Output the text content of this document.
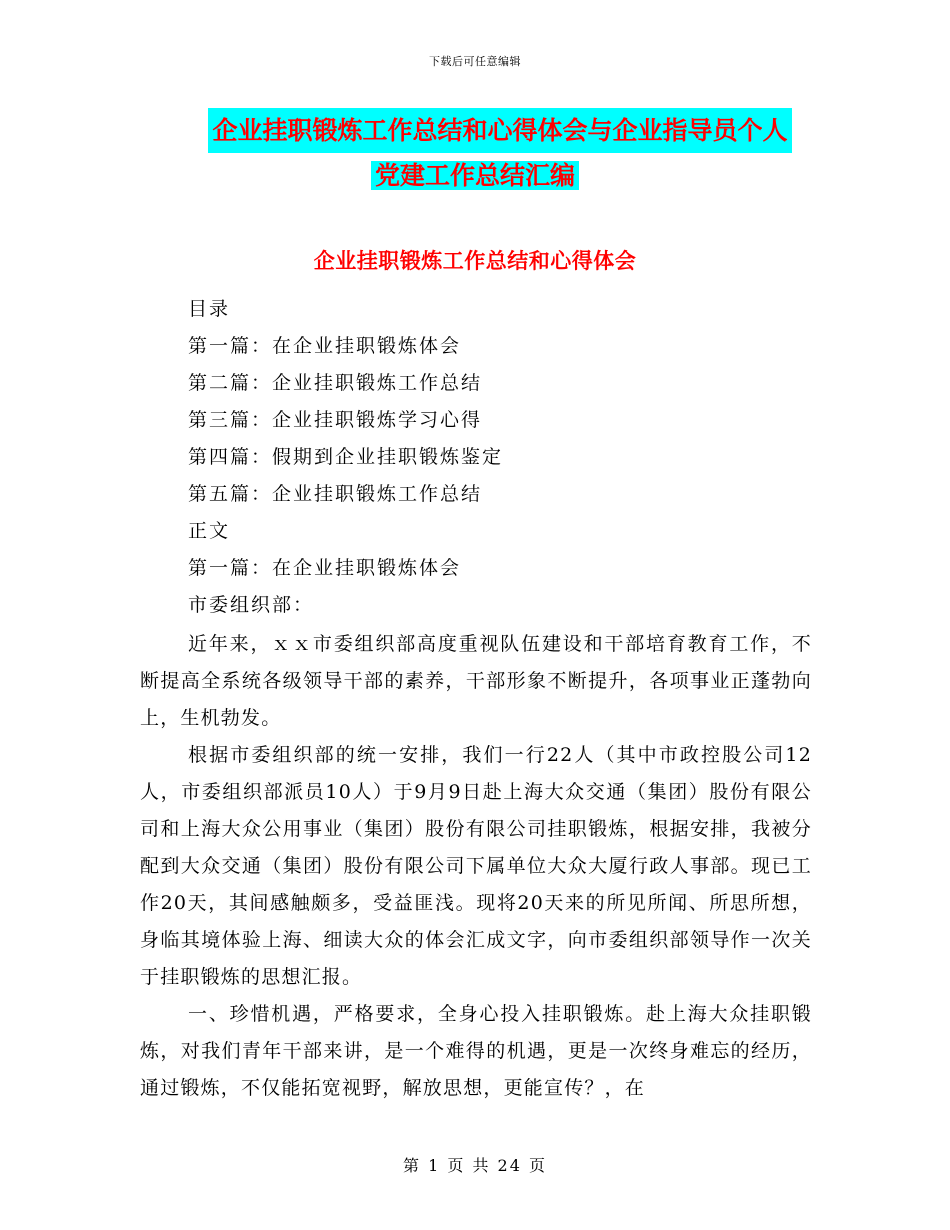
下载后可任意编辑
企业挂职锻炼工作总结和心得体会与企业指导员个人
党建工作总结汇编
企业挂职锻炼工作总结和心得体会
目录
第一篇：在企业挂职锻炼体会
第二篇：企业挂职锻炼工作总结
第三篇：企业挂职锻炼学习心得
第四篇：假期到企业挂职锻炼鉴定
第五篇：企业挂职锻炼工作总结
正文
第一篇：在企业挂职锻炼体会
市委组织部：

近年来，ｘｘ市委组织部高度重视队伍建设和干部培育教育工作，不断提高全系统各级领导干部的素养，干部形象不断提升，各项事业正蓬勃向上，生机勃发。

根据市委组织部的统一安排，我们一行22人（其中市政控股公司12人，市委组织部派员10人）于9月9日赴上海大众交通（集团）股份有限公司和上海大众公用事业（集团）股份有限公司挂职锻炼，根据安排，我被分配到大众交通（集团）股份有限公司下属单位大众大厦行政人事部。现已工作20天，其间感触颇多，受益匪浅。现将20天来的所见所闻、所思所想，身临其境体验上海、细读大众的体会汇成文字，向市委组织部领导作一次关于挂职锻炼的思想汇报。

一、珍惜机遇，严格要求，全身心投入挂职锻炼。赴上海大众挂职锻炼，对我们青年干部来讲，是一个难得的机遇，更是一次终身难忘的经历，通过锻炼，不仅能拓宽视野，解放思想，更能宣传？，在

第 1 页 共 24 页
